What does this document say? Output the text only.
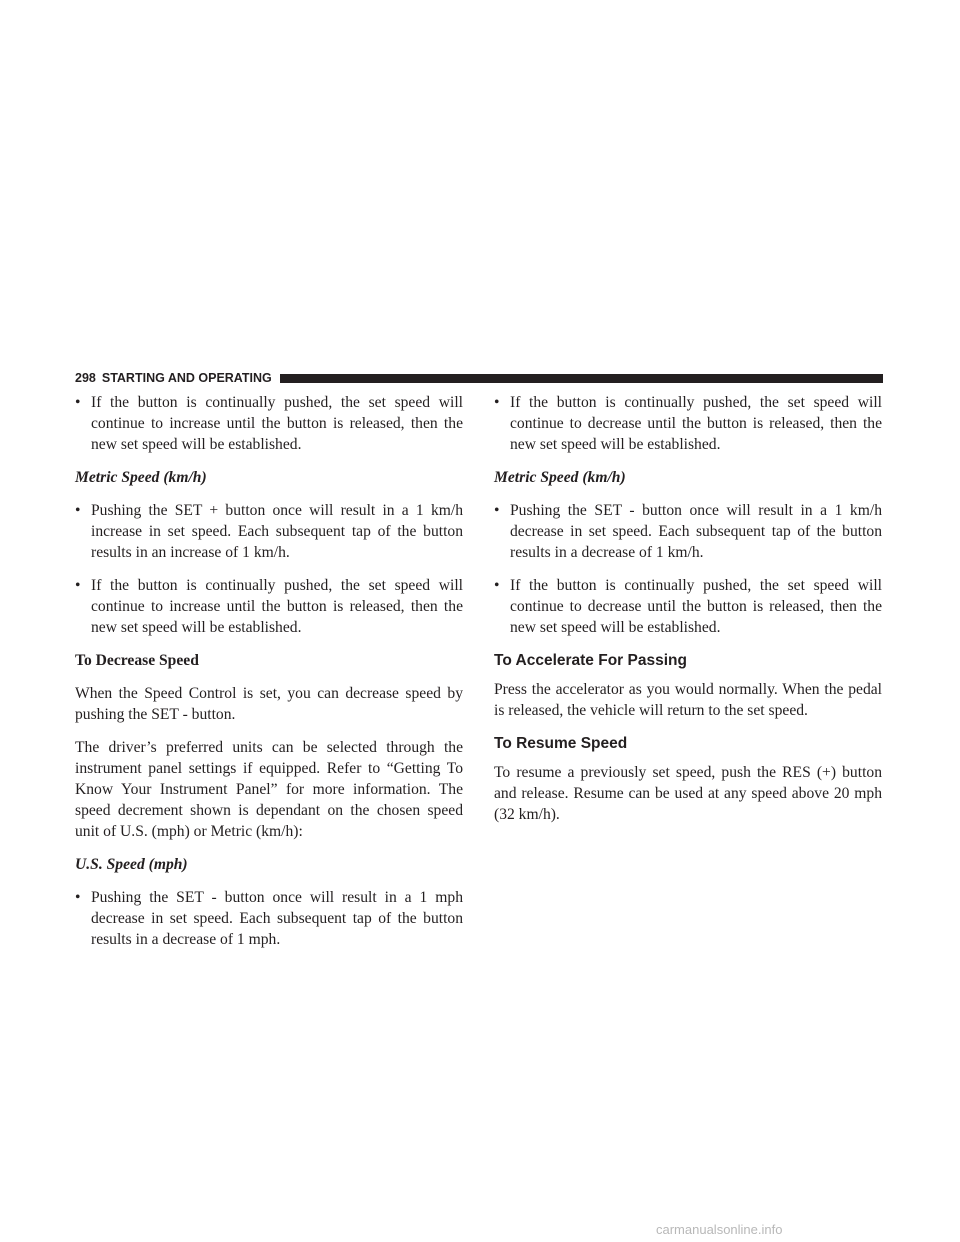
298 STARTING AND OPERATING
• If the button is continually pushed, the set speed will continue to increase until the button is released, then the new set speed will be established.
Metric Speed (km/h)
• Pushing the SET + button once will result in a 1 km/h increase in set speed. Each subsequent tap of the button results in an increase of 1 km/h.
• If the button is continually pushed, the set speed will continue to increase until the button is released, then the new set speed will be established.
To Decrease Speed
When the Speed Control is set, you can decrease speed by pushing the SET - button.
The driver’s preferred units can be selected through the instrument panel settings if equipped. Refer to “Getting To Know Your Instrument Panel” for more information. The speed decrement shown is dependant on the chosen speed unit of U.S. (mph) or Metric (km/h):
U.S. Speed (mph)
• Pushing the SET - button once will result in a 1 mph decrease in set speed. Each subsequent tap of the button results in a decrease of 1 mph.
• If the button is continually pushed, the set speed will continue to decrease until the button is released, then the new set speed will be established.
Metric Speed (km/h)
• Pushing the SET - button once will result in a 1 km/h decrease in set speed. Each subsequent tap of the button results in a decrease of 1 km/h.
• If the button is continually pushed, the set speed will continue to decrease until the button is released, then the new set speed will be established.
To Accelerate For Passing
Press the accelerator as you would normally. When the pedal is released, the vehicle will return to the set speed.
To Resume Speed
To resume a previously set speed, push the RES (+) button and release. Resume can be used at any speed above 20 mph (32 km/h).
carmanualsonline.info
